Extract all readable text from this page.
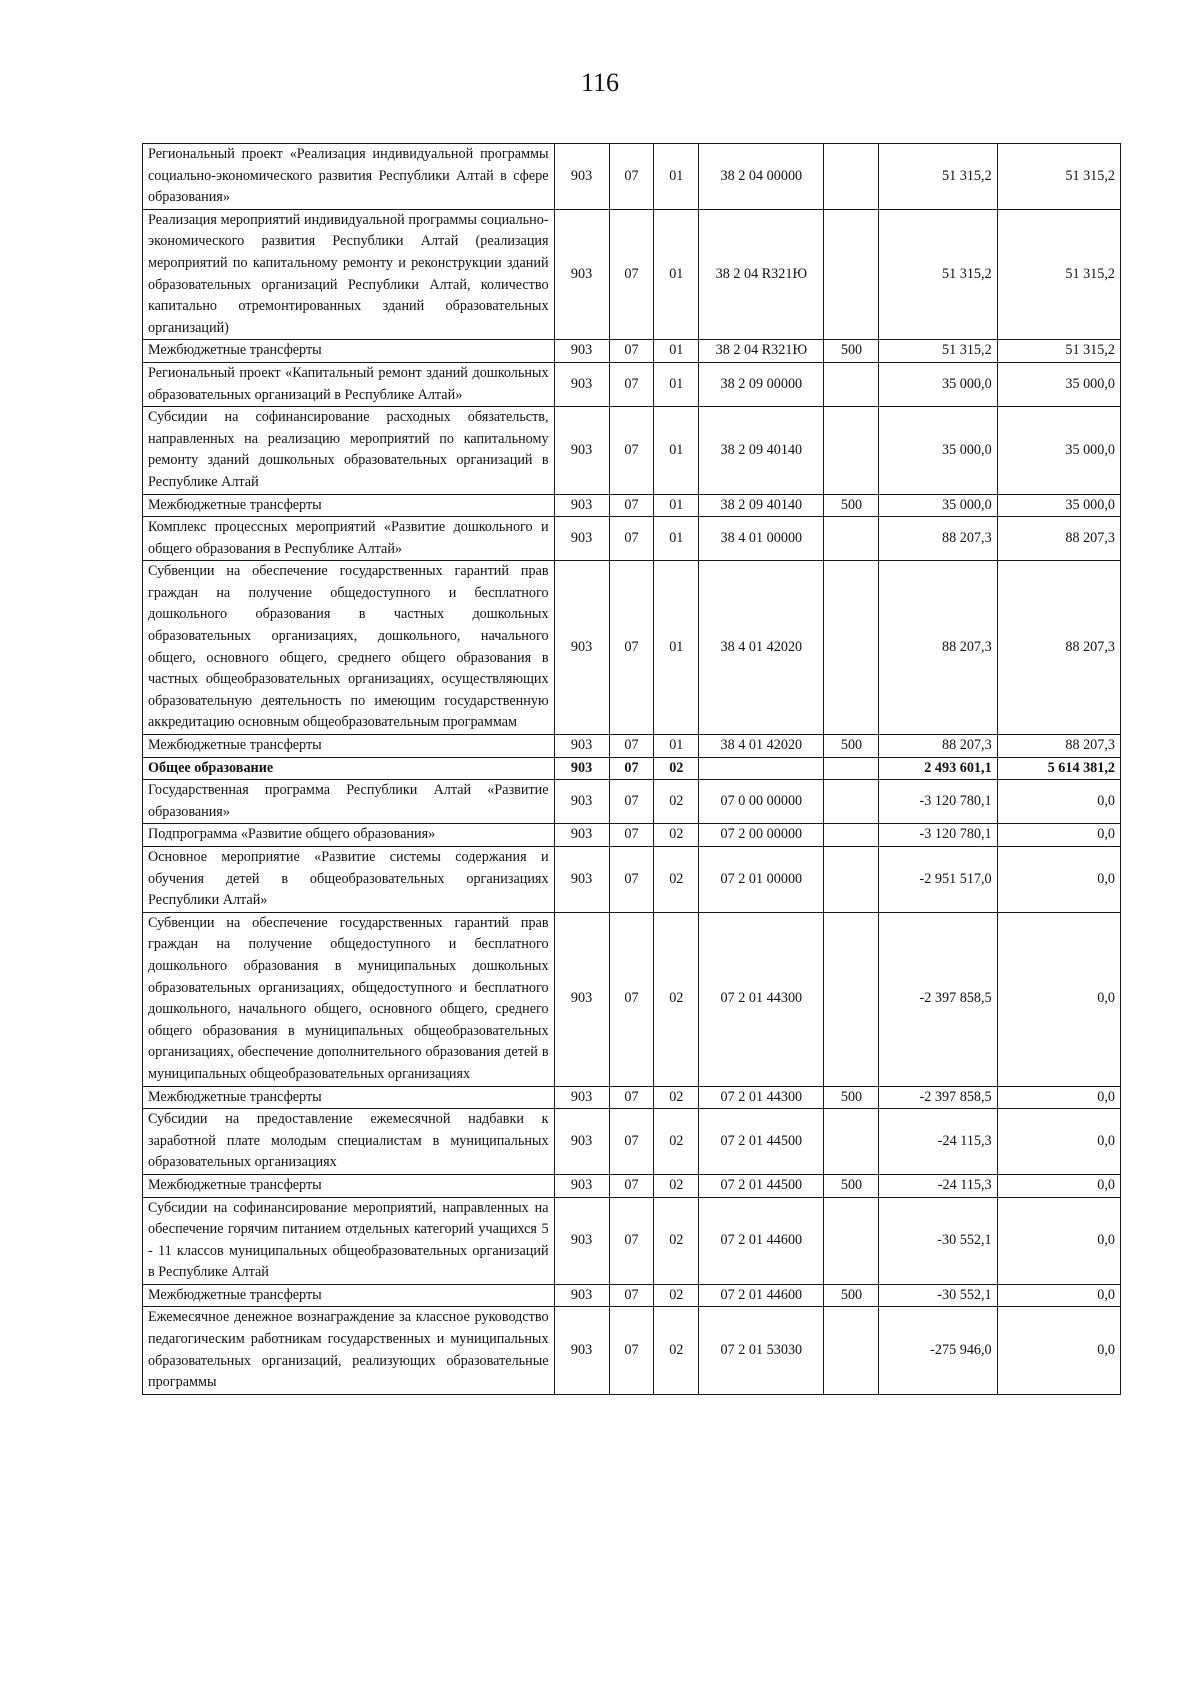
116
Региональный проект «Реализация индивидуальной программы социально-экономического развития Республики Алтай в сфере образования»	903	07	01	38 2 04 00000		51 315,2	51 315,2
Реализация мероприятий индивидуальной программы социально-экономического развития Республики Алтай (реализация мероприятий по капитальному ремонту и реконструкции зданий образовательных организаций Республики Алтай, количество капитально отремонтированных зданий образовательных организаций)	903	07	01	38 2 04 R321Ю		51 315,2	51 315,2
Межбюджетные трансферты	903	07	01	38 2 04 R321Ю	500	51 315,2	51 315,2
Региональный проект «Капитальный ремонт зданий дошкольных образовательных организаций в Республике Алтай»	903	07	01	38 2 09 00000		35 000,0	35 000,0
Субсидии на софинансирование расходных обязательств, направленных на реализацию мероприятий по капитальному ремонту зданий дошкольных образовательных организаций в Республике Алтай	903	07	01	38 2 09 40140		35 000,0	35 000,0
Межбюджетные трансферты	903	07	01	38 2 09 40140	500	35 000,0	35 000,0
Комплекс процессных мероприятий «Развитие дошкольного и общего образования в Республике Алтай»	903	07	01	38 4 01 00000		88 207,3	88 207,3
Субвенции на обеспечение государственных гарантий прав граждан на получение общедоступного и бесплатного дошкольного образования в частных дошкольных образовательных организациях, дошкольного, начального общего, основного общего, среднего общего образования в частных общеобразовательных организациях, осуществляющих образовательную деятельность по имеющим государственную аккредитацию основным общеобразовательным программам	903	07	01	38 4 01 42020		88 207,3	88 207,3
Межбюджетные трансферты	903	07	01	38 4 01 42020	500	88 207,3	88 207,3
Общее образование	903	07	02			2 493 601,1	5 614 381,2
Государственная программа Республики Алтай «Развитие образования»	903	07	02	07 0 00 00000		-3 120 780,1	0,0
Подпрограмма «Развитие общего образования»	903	07	02	07 2 00 00000		-3 120 780,1	0,0
Основное мероприятие «Развитие системы содержания и обучения детей в общеобразовательных организациях Республики Алтай»	903	07	02	07 2 01 00000		-2 951 517,0	0,0
Субвенции на обеспечение государственных гарантий прав граждан на получение общедоступного и бесплатного дошкольного образования в муниципальных дошкольных образовательных организациях, общедоступного и бесплатного дошкольного, начального общего, основного общего, среднего общего образования в муниципальных общеобразовательных организациях, обеспечение дополнительного образования детей в муниципальных общеобразовательных организациях	903	07	02	07 2 01 44300		-2 397 858,5	0,0
Межбюджетные трансферты	903	07	02	07 2 01 44300	500	-2 397 858,5	0,0
Субсидии на предоставление ежемесячной надбавки к заработной плате молодым специалистам в муниципальных образовательных организациях	903	07	02	07 2 01 44500		-24 115,3	0,0
Межбюджетные трансферты	903	07	02	07 2 01 44500	500	-24 115,3	0,0
Субсидии на софинансирование мероприятий, направленных на обеспечение горячим питанием отдельных категорий учащихся 5 - 11 классов муниципальных общеобразовательных организаций в Республике Алтай	903	07	02	07 2 01 44600		-30 552,1	0,0
Межбюджетные трансферты	903	07	02	07 2 01 44600	500	-30 552,1	0,0
Ежемесячное денежное вознаграждение за классное руководство педагогическим работникам государственных и муниципальных образовательных организаций, реализующих образовательные программы	903	07	02	07 2 01 53030		-275 946,0	0,0
